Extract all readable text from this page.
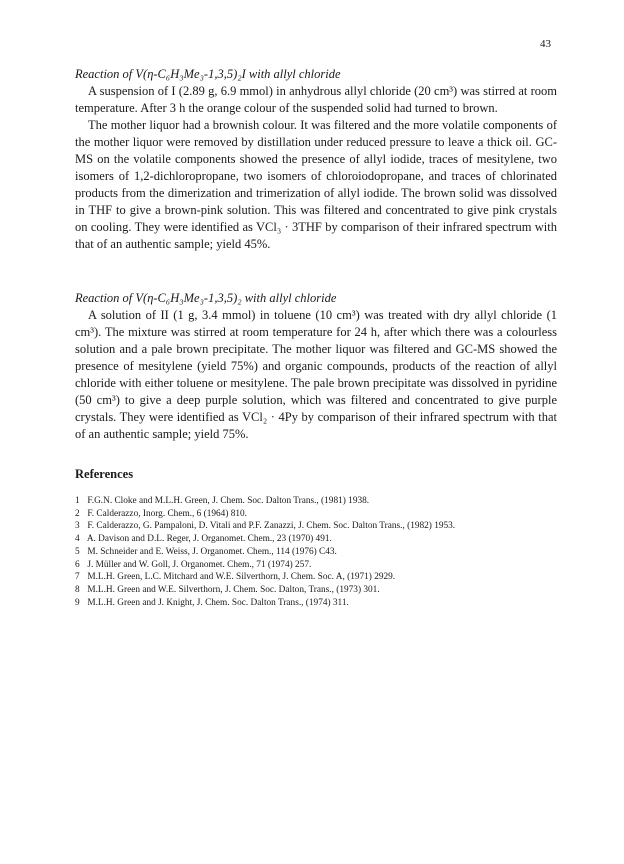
43

Reaction of V(η-C₆H₃Me₃-1,3,5)₂I with allyl chloride

A suspension of I (2.89 g, 6.9 mmol) in anhydrous allyl chloride (20 cm³) was stirred at room temperature. After 3 h the orange colour of the suspended solid had turned to brown.

The mother liquor had a brownish colour. It was filtered and the more volatile components of the mother liquor were removed by distillation under reduced pressure to leave a thick oil. GC-MS on the volatile components showed the presence of allyl iodide, traces of mesitylene, two isomers of 1,2-dichloropropane, two isomers of chloroiodopropane, and traces of chlorinated products from the dimerization and trimerization of allyl iodide. The brown solid was dissolved in THF to give a brown-pink solution. This was filtered and concentrated to give pink crystals on cooling. They were identified as VCl₃ · 3THF by comparison of their infrared spectrum with that of an authentic sample; yield 45%.

Reaction of V(η-C₆H₃Me₃-1,3,5)₂ with allyl chloride

A solution of II (1 g, 3.4 mmol) in toluene (10 cm³) was treated with dry allyl chloride (1 cm³). The mixture was stirred at room temperature for 24 h, after which there was a colourless solution and a pale brown precipitate. The mother liquor was filtered and GC-MS showed the presence of mesitylene (yield 75%) and organic compounds, products of the reaction of allyl chloride with either toluene or mesitylene. The pale brown precipitate was dissolved in pyridine (50 cm³) to give a deep purple solution, which was filtered and concentrated to give purple crystals. They were identified as VCl₂ · 4Py by comparison of their infrared spectrum with that of an authentic sample; yield 75%.

References

1 F.G.N. Cloke and M.L.H. Green, J. Chem. Soc. Dalton Trans., (1981) 1938.
2 F. Calderazzo, Inorg. Chem., 6 (1964) 810.
3 F. Calderazzo, G. Pampaloni, D. Vitali and P.F. Zanazzi, J. Chem. Soc. Dalton Trans., (1982) 1953.
4 A. Davison and D.L. Reger, J. Organomet. Chem., 23 (1970) 491.
5 M. Schneider and E. Weiss, J. Organomet. Chem., 114 (1976) C43.
6 J. Müller and W. Goll, J. Organomet. Chem., 71 (1974) 257.
7 M.L.H. Green, L.C. Mitchard and W.E. Silverthorn, J. Chem. Soc. A, (1971) 2929.
8 M.L.H. Green and W.E. Silverthorn, J. Chem. Soc. Dalton, Trans., (1973) 301.
9 M.L.H. Green and J. Knight, J. Chem. Soc. Dalton Trans., (1974) 311.
